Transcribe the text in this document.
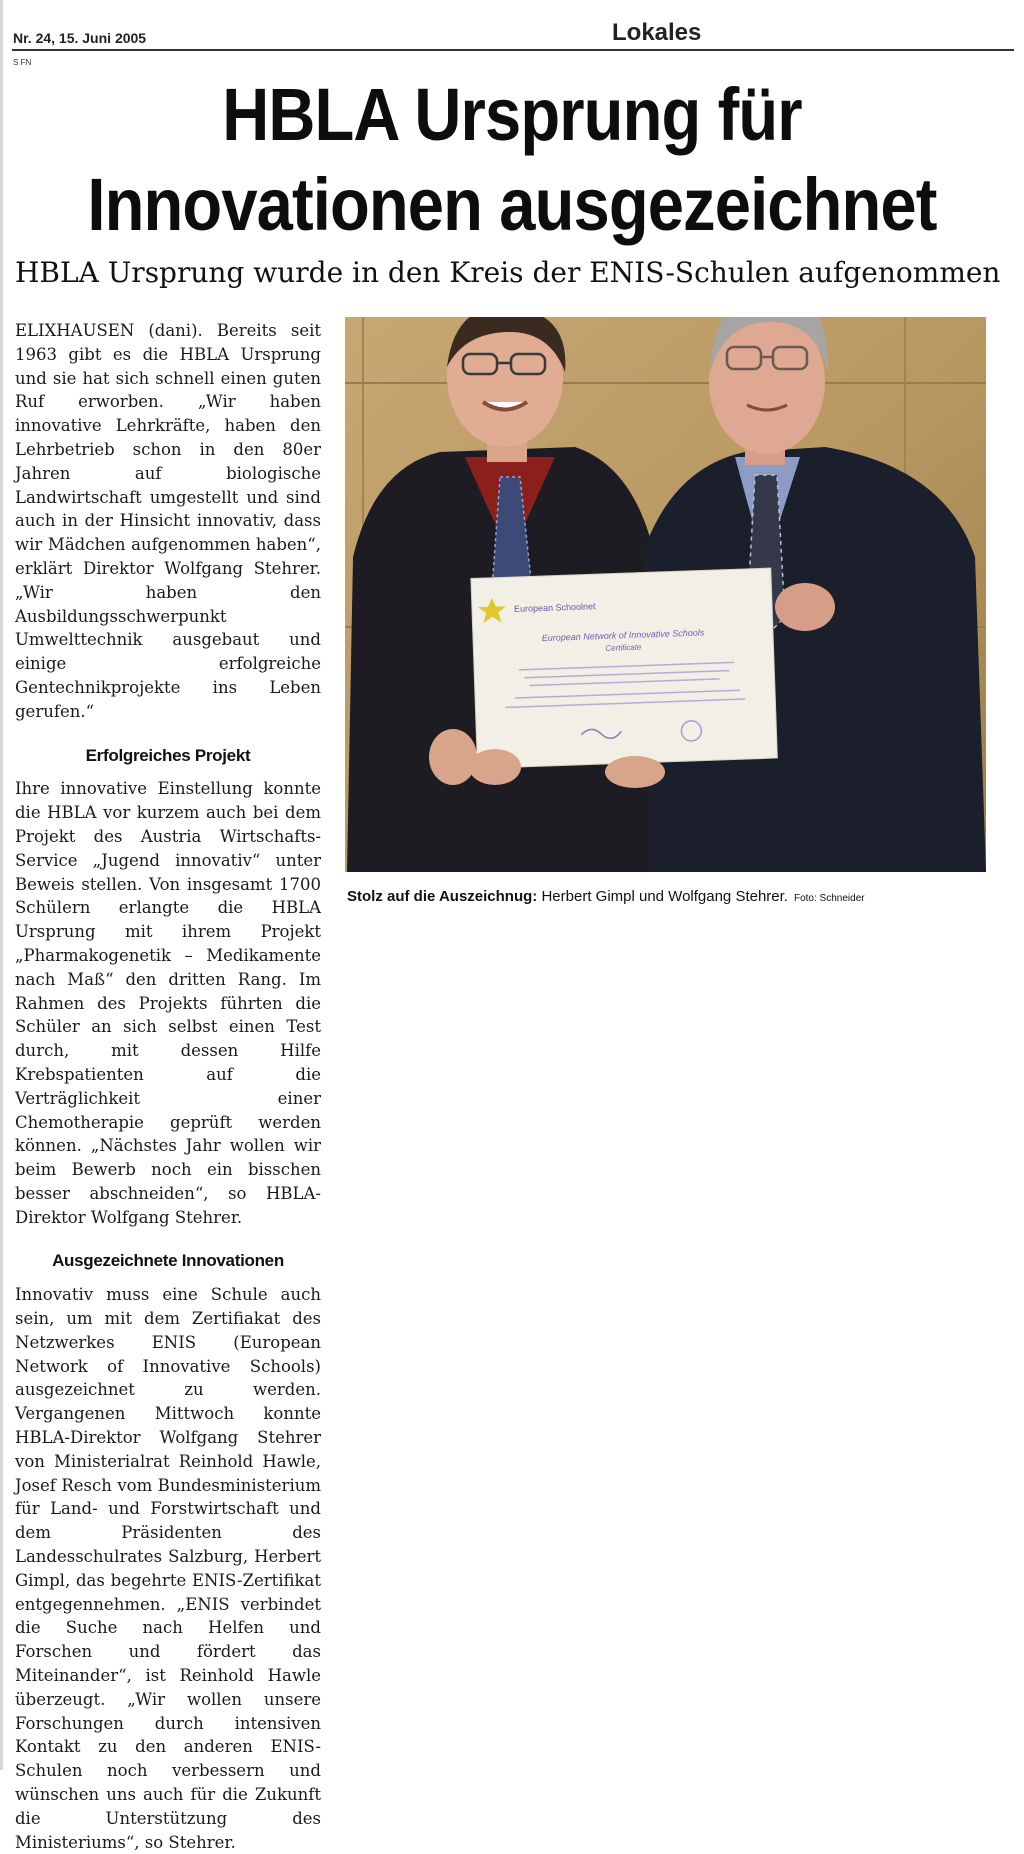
Nr. 24, 15. Juni 2005	Lokales
S FN
HBLA Ursprung für
Innovationen ausgezeichnet
HBLA Ursprung wurde in den Kreis der ENIS-Schulen aufgenommen

ELIXHAUSEN (dani). Bereits seit 1963 gibt es die HBLA Ursprung und sie hat sich schnell einen guten Ruf erworben. „Wir haben innovative Lehrkräfte, haben den Lehrbetrieb schon in den 80er Jahren auf biologische Landwirtschaft umgestellt und sind auch in der Hinsicht innovativ, dass wir Mädchen aufgenommen haben“, erklärt Direktor Wolfgang Stehrer. „Wir haben den Ausbildungsschwerpunkt Umwelttechnik ausgebaut und einige erfolgreiche Gentechnikprojekte ins Leben gerufen.“

Erfolgreiches Projekt

Ihre innovative Einstellung konnte die HBLA vor kurzem auch bei dem Projekt des Austria Wirtschafts-Service „Jugend innovativ“ unter Beweis stellen. Von insgesamt 1700 Schülern erlangte die HBLA Ursprung mit ihrem Projekt „Pharmakogenetik – Medikamente nach Maß“ den dritten Rang. Im Rahmen des Projekts führten die Schüler an sich selbst einen Test durch, mit dessen Hilfe Krebspatienten auf die Verträglichkeit einer Chemotherapie geprüft werden können. „Nächstes Jahr wollen wir beim Bewerb noch ein bisschen besser abschneiden“, so HBLA-Direktor Wolfgang Stehrer.

Ausgezeichnete Innovationen

Innovativ muss eine Schule auch sein, um mit dem Zertifiakat des Netzwerkes ENIS (European Network of Innovative Schools) ausgezeichnet zu werden. Vergangenen Mittwoch konnte HBLA-Direktor Wolfgang Stehrer von Ministerialrat Reinhold Hawle, Josef Resch vom Bundesministerium für Land- und Forstwirtschaft und dem Präsidenten des Landesschulrates Salzburg, Herbert Gimpl, das begehrte ENIS-Zertifikat entgegennehmen. „ENIS verbindet die Suche nach Helfen und Forschen und fördert das Miteinander“, ist Reinhold Hawle überzeugt. „Wir wollen unsere Forschungen durch intensiven Kontakt zu den anderen ENIS-Schulen noch verbessern und wünschen uns auch für die Zukunft die Unterstützung des Ministeriums“, so Stehrer.

European Schoolnet
European Network of Innovative Schools
Certificate
Stolz auf die Auszeichnug: Herbert Gimpl und Wolfgang Stehrer. Foto: Schneider
